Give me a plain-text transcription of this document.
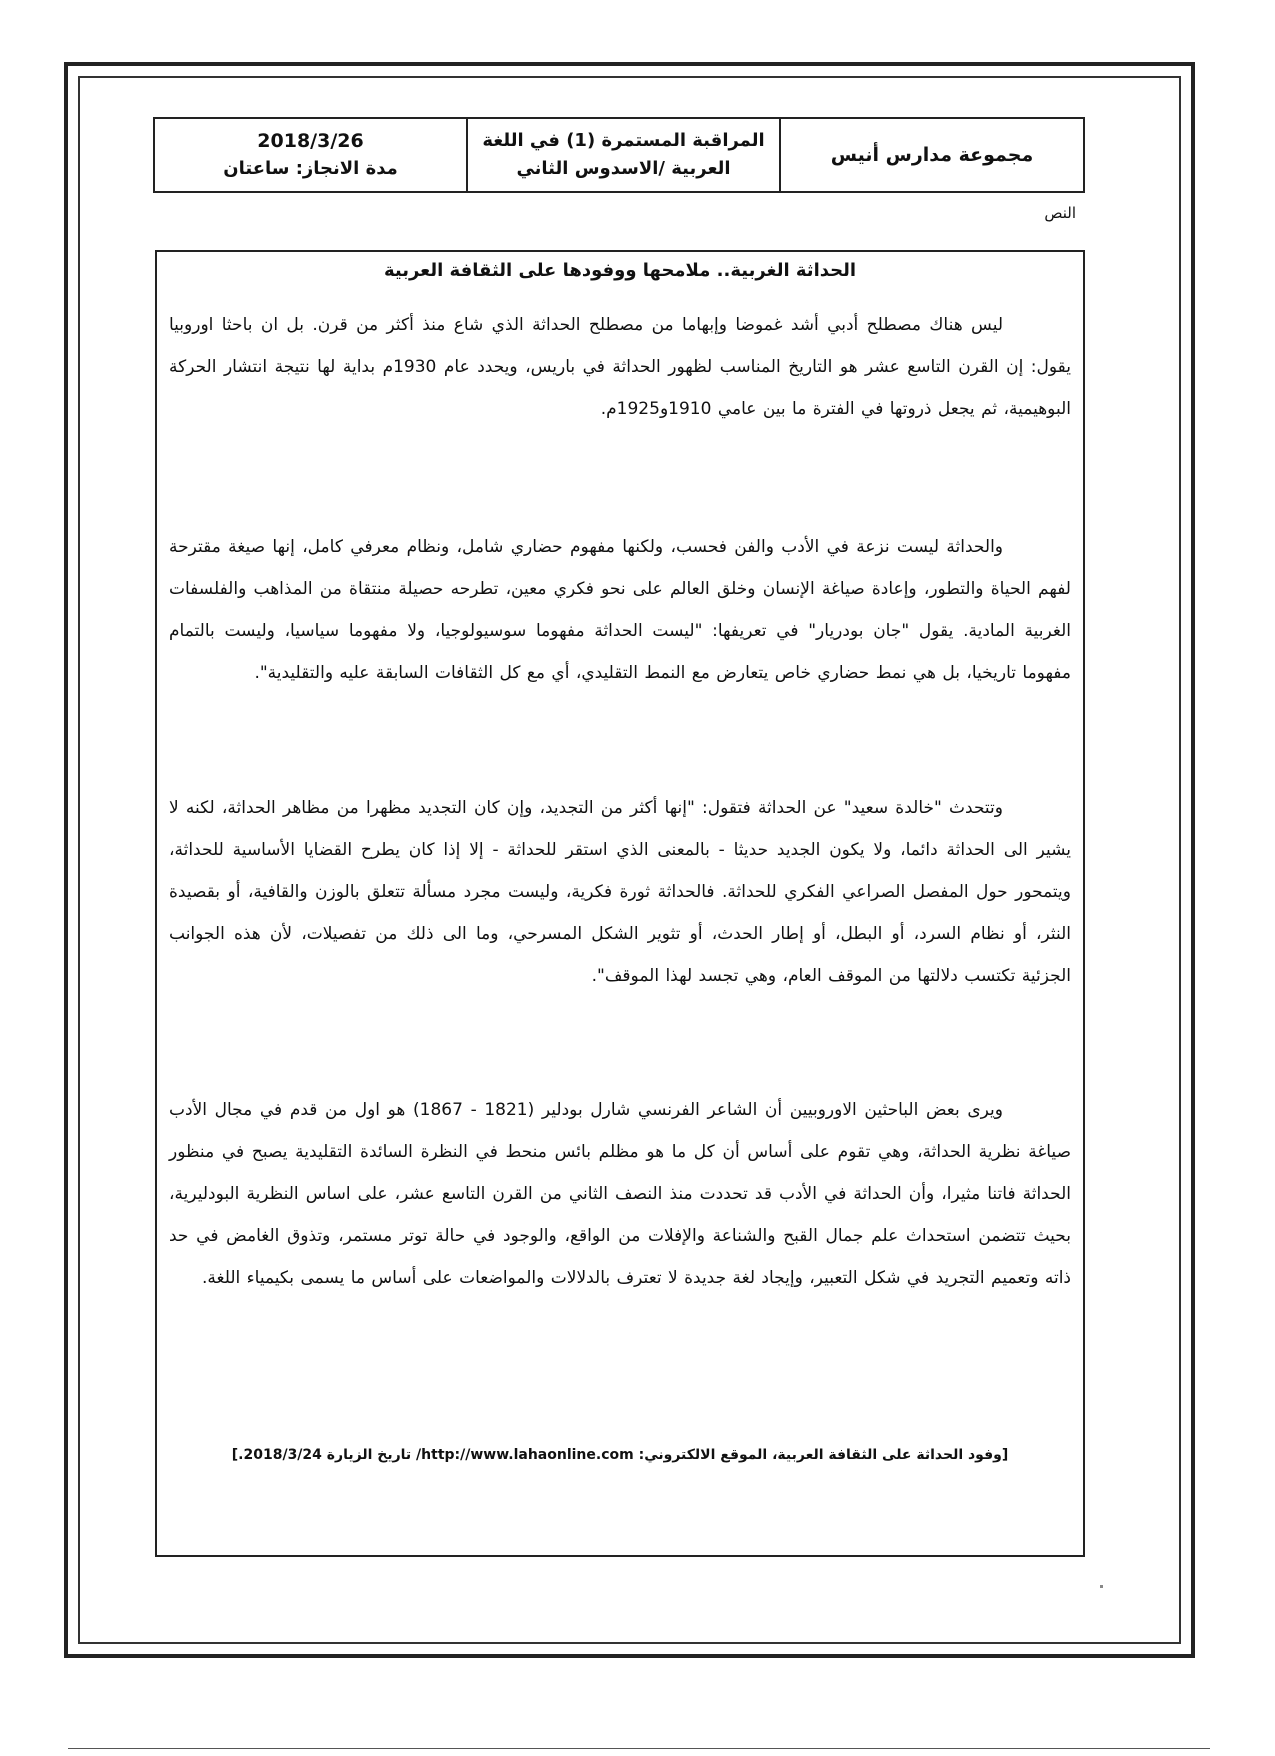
2018/3/26
مدة الانجاز: ساعتان
المراقبة المستمرة (1) في اللغة
العربية /الاسدوس الثاني
مجموعة مدارس أنيس
النص
الحداثة الغربية.. ملامحها ووفودها على الثقافة العربية
ليس هناك مصطلح أدبي أشد غموضا وإبهاما من مصطلح الحداثة الذي شاع منذ أكثر من قرن. بل ان باحثا اوروبيا يقول: إن القرن التاسع عشر هو التاريخ المناسب لظهور الحداثة في باريس، ويحدد عام 1930م بداية لها نتيجة انتشار الحركة البوهيمية، ثم يجعل ذروتها في الفترة ما بين عامي 1910و1925م.
والحداثة ليست نزعة في الأدب والفن فحسب، ولكنها مفهوم حضاري شامل، ونظام معرفي كامل، إنها صيغة مقترحة لفهم الحياة والتطور، وإعادة صياغة الإنسان وخلق العالم على نحو فكري معين، تطرحه حصيلة منتقاة من المذاهب والفلسفات الغربية المادية. يقول "جان بودريار" في تعريفها: "ليست الحداثة مفهوما سوسيولوجيا، ولا مفهوما سياسيا، وليست بالتمام مفهوما تاريخيا، بل هي نمط حضاري خاص يتعارض مع النمط التقليدي، أي مع كل الثقافات السابقة عليه والتقليدية".
وتتحدث "خالدة سعيد" عن الحداثة فتقول: "إنها أكثر من التجديد، وإن كان التجديد مظهرا من مظاهر الحداثة، لكنه لا يشير الى الحداثة دائما، ولا يكون الجديد حديثا - بالمعنى الذي استقر للحداثة - إلا إذا كان يطرح القضايا الأساسية للحداثة، ويتمحور حول المفصل الصراعي الفكري للحداثة. فالحداثة ثورة فكرية، وليست مجرد مسألة تتعلق بالوزن والقافية، أو بقصيدة النثر، أو نظام السرد، أو البطل، أو إطار الحدث، أو تثوير الشكل المسرحي، وما الى ذلك من تفصيلات، لأن هذه الجوانب الجزئية تكتسب دلالتها من الموقف العام، وهي تجسد لهذا الموقف".
ويرى بعض الباحثين الاوروبيين أن الشاعر الفرنسي شارل بودلير (1821 - 1867) هو اول من قدم في مجال الأدب صياغة نظرية الحداثة، وهي تقوم على أساس أن كل ما هو مظلم بائس منحط في النظرة السائدة التقليدية يصبح في منظور الحداثة فاتنا مثيرا، وأن الحداثة في الأدب قد تحددت منذ النصف الثاني من القرن التاسع عشر، على اساس النظرية البودليرية، بحيث تتضمن استحداث علم جمال القبح والشناعة والإفلات من الواقع، والوجود في حالة توتر مستمر، وتذوق الغامض في حد ذاته وتعميم التجريد في شكل التعبير، وإيجاد لغة جديدة لا تعترف بالدلالات والمواضعات على أساس ما يسمى بكيمياء اللغة.
[وفود الحداثة على الثقافة العربية، الموقع الالكتروني: http://www.lahaonline.com/ تاريخ الزيارة 2018/3/24.]
